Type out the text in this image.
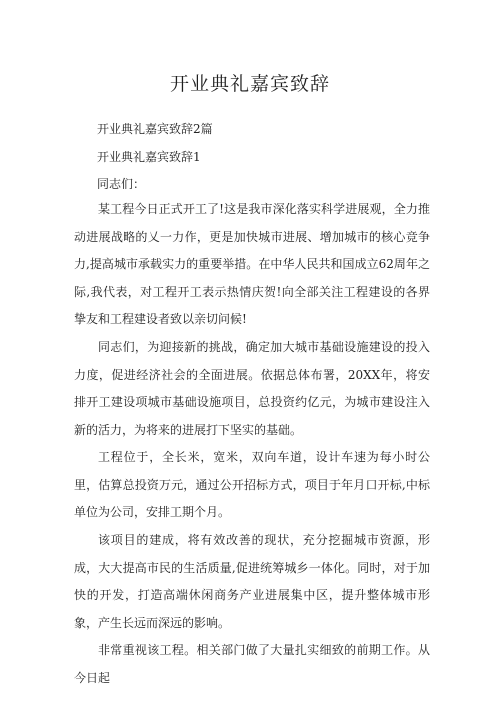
开业典礼嘉宾致辞
开业典礼嘉宾致辞2篇
开业典礼嘉宾致辞1
同志们：
某工程今日正式开工了!这是我市深化落实科学进展观，全力推动进展战略的乂一力作，更是加快城市进展、增加城市的核心竞争力,提高城市承载实力的重要举措。在中华人民共和国成立62周年之际,我代表，对工程开工表示热情庆贺!向全部关注工程建设的各界挚友和工程建设者致以亲切问候!
同志们，为迎接新的挑战，确定加大城市基础设施建设的投入力度，促进经济社会的全面进展。依据总体布署，20XX年，将安排开工建设项城市基础设施项目，总投资约亿元，为城市建设注入新的活力，为将来的进展打下坚实的基础。
工程位于，全长米，宽米，双向车道，设计车速为每小时公里，估算总投资万元，通过公开招标方式，项目于年月口开标,中标单位为公司，安排工期个月。
该项目的建成，将有效改善的现状，充分挖掘城市资源，形成，大大提高市民的生活质量,促进统筹城乡一体化。同时，对于加快的开发，打造高端休闲商务产业进展集中区，提升整体城市形象，产生长远而深远的影响。
非常重视该工程。相关部门做了大量扎实细致的前期工作。从今日起
